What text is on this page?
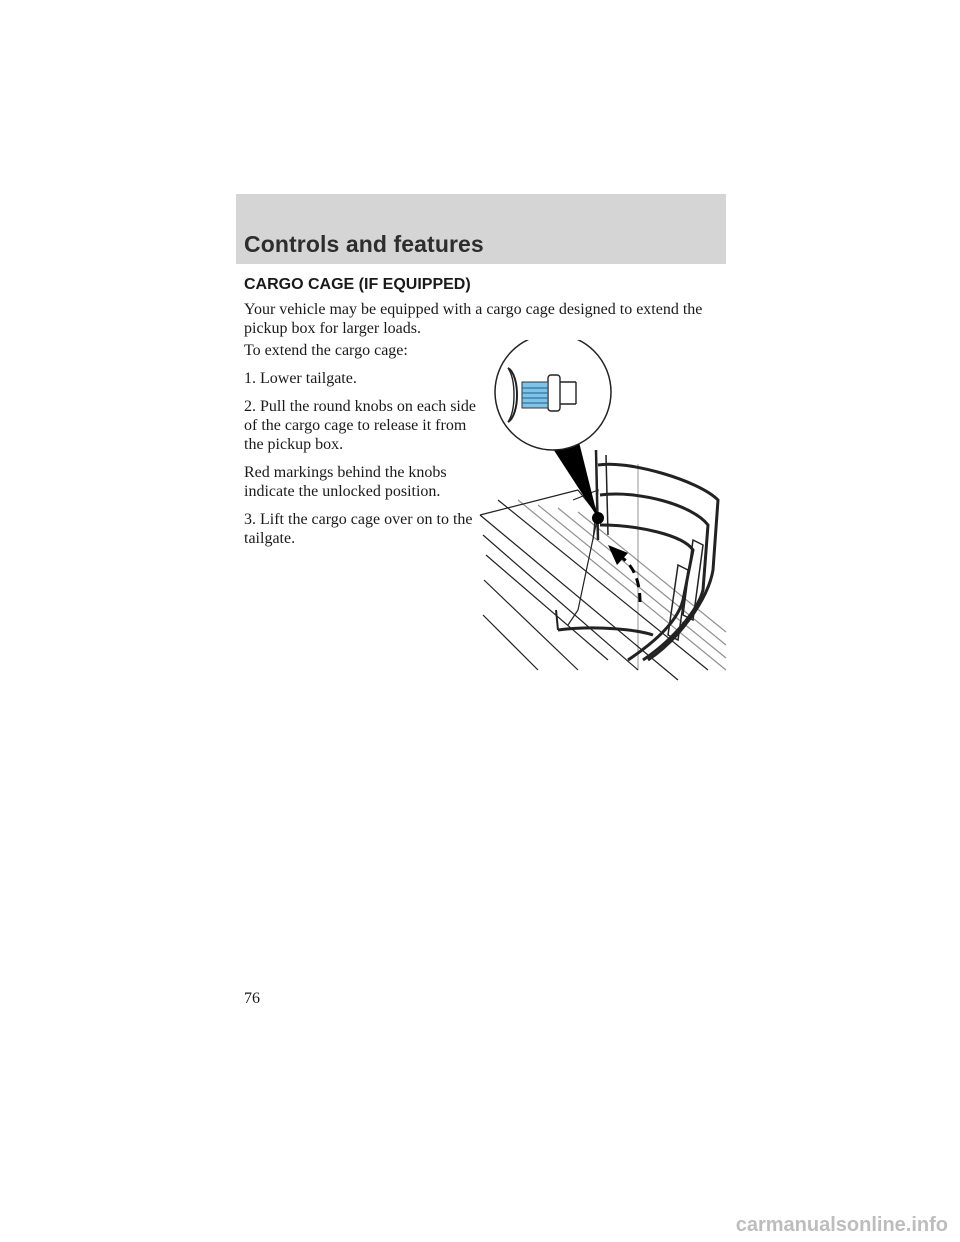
Controls and features
CARGO CAGE (IF EQUIPPED)

Your vehicle may be equipped with a cargo cage designed to extend the pickup box for larger loads.

To extend the cargo cage:

1. Lower tailgate.

2. Pull the round knobs on each side of the cargo cage to release it from the pickup box.

Red markings behind the knobs indicate the unlocked position.

3. Lift the cargo cage over on to the tailgate.

76

carmanualsonline.info
